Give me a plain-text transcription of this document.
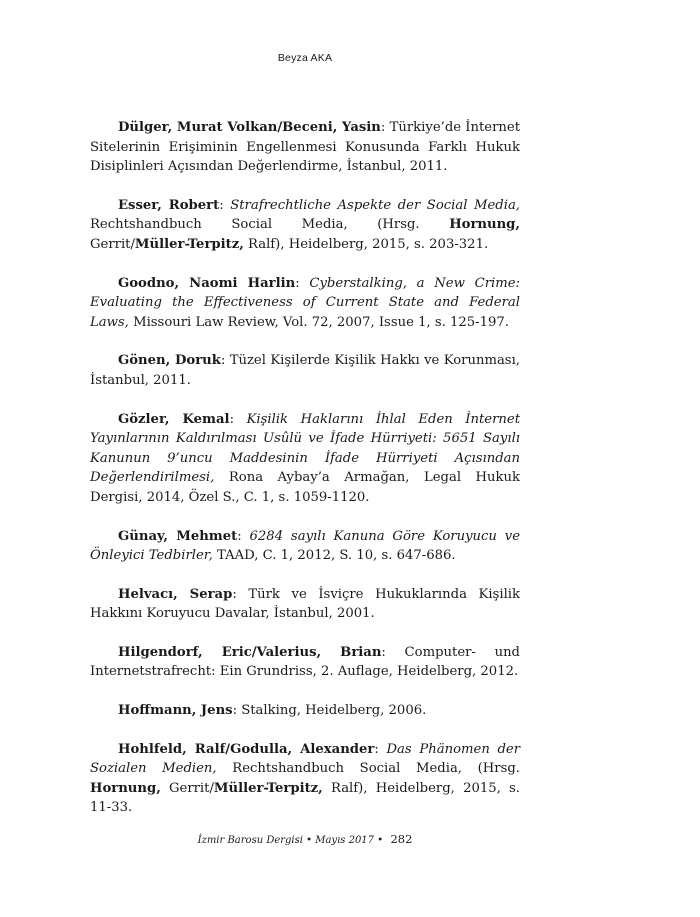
Beyza AKA

Dülger, Murat Volkan/Beceni, Yasin: Türkiye’de İnternet Sitelerinin Erişiminin Engellenmesi Konusunda Farklı Hukuk Disiplinleri Açısından Değerlendirme, İstanbul, 2011.

Esser, Robert: Strafrechtliche Aspekte der Social Media, Rechtshandbuch Social Media, (Hrsg. Hornung, Gerrit/Müller-Terpitz, Ralf), Heidelberg, 2015, s. 203-321.

Goodno, Naomi Harlin: Cyberstalking, a New Crime: Evaluating the Effectiveness of Current State and Federal Laws, Missouri Law Review, Vol. 72, 2007, Issue 1, s. 125-197.

Gönen, Doruk: Tüzel Kişilerde Kişilik Hakkı ve Korunması, İstanbul, 2011.

Gözler, Kemal: Kişilik Haklarını İhlal Eden İnternet Yayınlarının Kaldırılması Usûlü ve İfade Hürriyeti: 5651 Sayılı Kanunun 9’uncu Maddesinin İfade Hürriyeti Açısından Değerlendirilmesi, Rona Aybay’a Armağan, Legal Hukuk Dergisi, 2014, Özel S., C. 1, s. 1059-1120.

Günay, Mehmet: 6284 sayılı Kanuna Göre Koruyucu ve Önleyici Tedbirler, TAAD, C. 1, 2012, S. 10, s. 647-686.

Helvacı, Serap: Türk ve İsviçre Hukuklarında Kişilik Hakkını Koruyucu Davalar, İstanbul, 2001.

Hilgendorf, Eric/Valerius, Brian: Computer- und Internetstrafrecht: Ein Grundriss, 2. Auflage, Heidelberg, 2012.

Hoffmann, Jens: Stalking, Heidelberg, 2006.

Hohlfeld, Ralf/Godulla, Alexander: Das Phänomen der Sozialen Medien, Rechtshandbuch Social Media, (Hrsg. Hornung, Gerrit/Müller-Terpitz, Ralf), Heidelberg, 2015, s. 11-33.

İzmir Barosu Dergisi • Mayıs 2017 • 282
